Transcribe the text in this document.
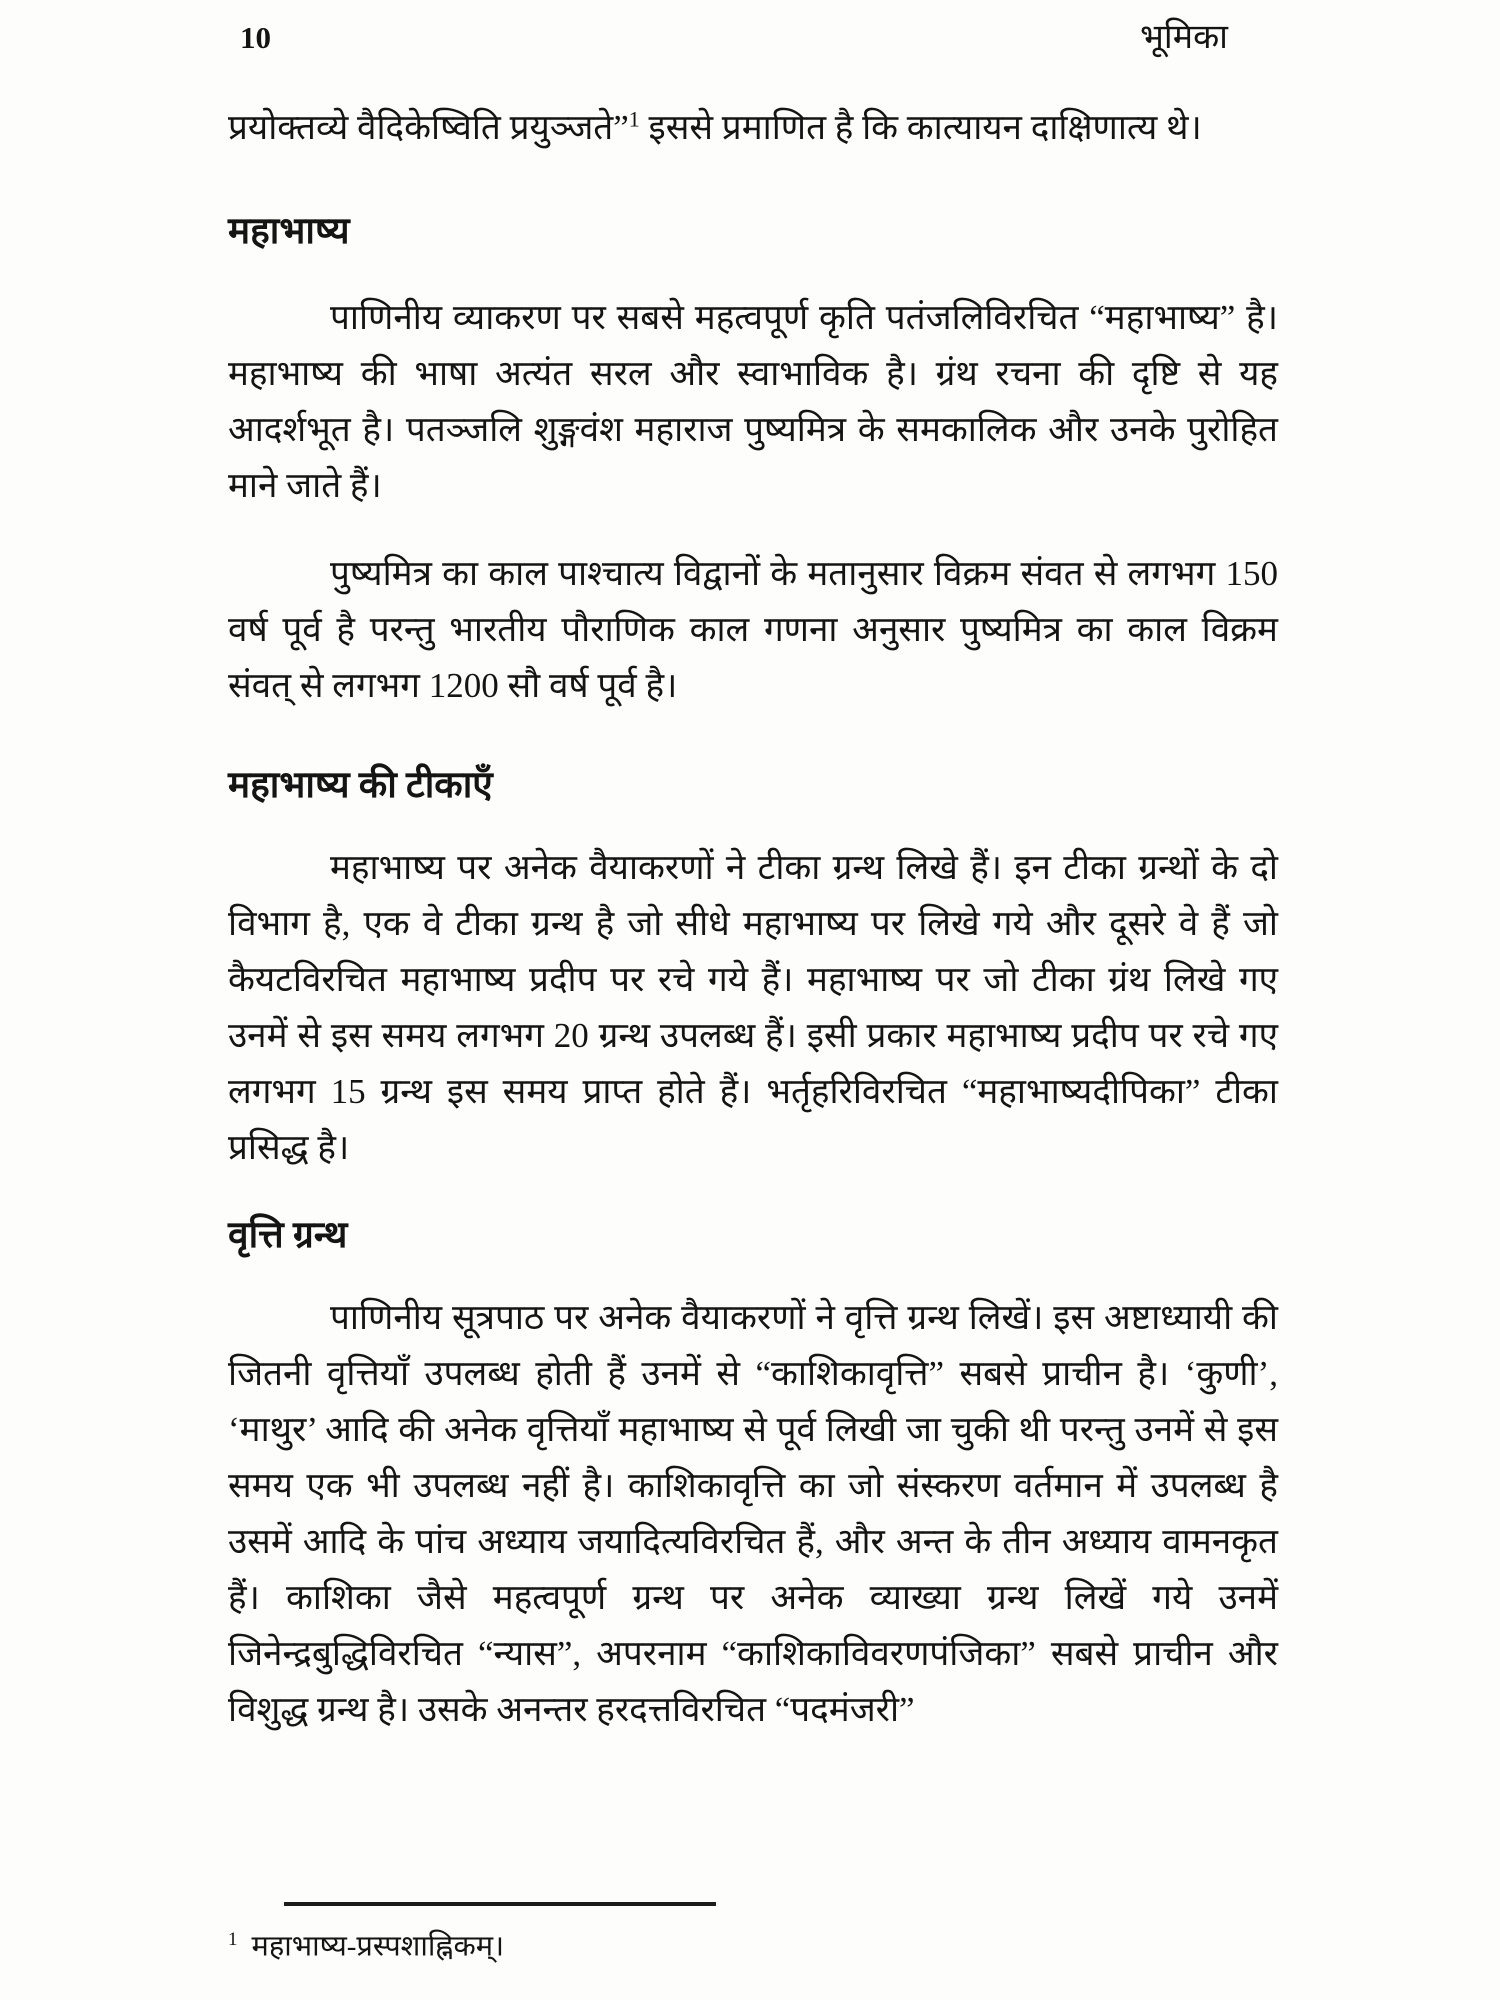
10	भूमिका

प्रयोक्तव्ये वैदिकेष्विति प्रयुञ्जते”$^1$ इससे प्रमाणित है कि कात्यायन दाक्षिणात्य थे।

महाभाष्य

पाणिनीय व्याकरण पर सबसे महत्वपूर्ण कृति पतंजलिविरचित “महाभाष्य” है। महाभाष्य की भाषा अत्यंत सरल और स्वाभाविक है। ग्रंथ रचना की दृष्टि से यह आदर्शभूत है। पतञ्जलि शुङ्गवंश महाराज पुष्यमित्र के समकालिक और उनके पुरोहित माने जाते हैं।

पुष्यमित्र का काल पाश्चात्य विद्वानों के मतानुसार विक्रम संवत से लगभग 150 वर्ष पूर्व है परन्तु भारतीय पौराणिक काल गणना अनुसार पुष्यमित्र का काल विक्रम संवत् से लगभग 1200 सौ वर्ष पूर्व है।

महाभाष्य की टीकाएँ

महाभाष्य पर अनेक वैयाकरणों ने टीका ग्रन्थ लिखे हैं। इन टीका ग्रन्थों के दो विभाग है, एक वे टीका ग्रन्थ है जो सीधे महाभाष्य पर लिखे गये और दूसरे वे हैं जो कैयटविरचित महाभाष्य प्रदीप पर रचे गये हैं। महाभाष्य पर जो टीका ग्रंथ लिखे गए उनमें से इस समय लगभग 20 ग्रन्थ उपलब्ध हैं। इसी प्रकार महाभाष्य प्रदीप पर रचे गए लगभग 15 ग्रन्थ इस समय प्राप्त होते हैं। भर्तृहरिविरचित “महाभाष्यदीपिका” टीका प्रसिद्ध है।

वृत्ति ग्रन्थ

पाणिनीय सूत्रपाठ पर अनेक वैयाकरणों ने वृत्ति ग्रन्थ लिखें। इस अष्टाध्यायी की जितनी वृत्तियाँ उपलब्ध होती हैं उनमें से “काशिकावृत्ति” सबसे प्राचीन है। ‘कुणी’, ‘माथुर’ आदि की अनेक वृत्तियाँ महाभाष्य से पूर्व लिखी जा चुकी थी परन्तु उनमें से इस समय एक भी उपलब्ध नहीं है। काशिकावृत्ति का जो संस्करण वर्तमान में उपलब्ध है उसमें आदि के पांच अध्याय जयादित्यविरचित हैं, और अन्त के तीन अध्याय वामनकृत हैं। काशिका जैसे महत्वपूर्ण ग्रन्थ पर अनेक व्याख्या ग्रन्थ लिखें गये उनमें जिनेन्द्रबुद्धिविरचित “न्यास”, अपरनाम “काशिकाविवरणपंजिका” सबसे प्राचीन और विशुद्ध ग्रन्थ है। उसके अनन्तर हरदत्तविरचित “पदमंजरी”

$^1$ महाभाष्य-प्रस्पशाह्निकम्।
